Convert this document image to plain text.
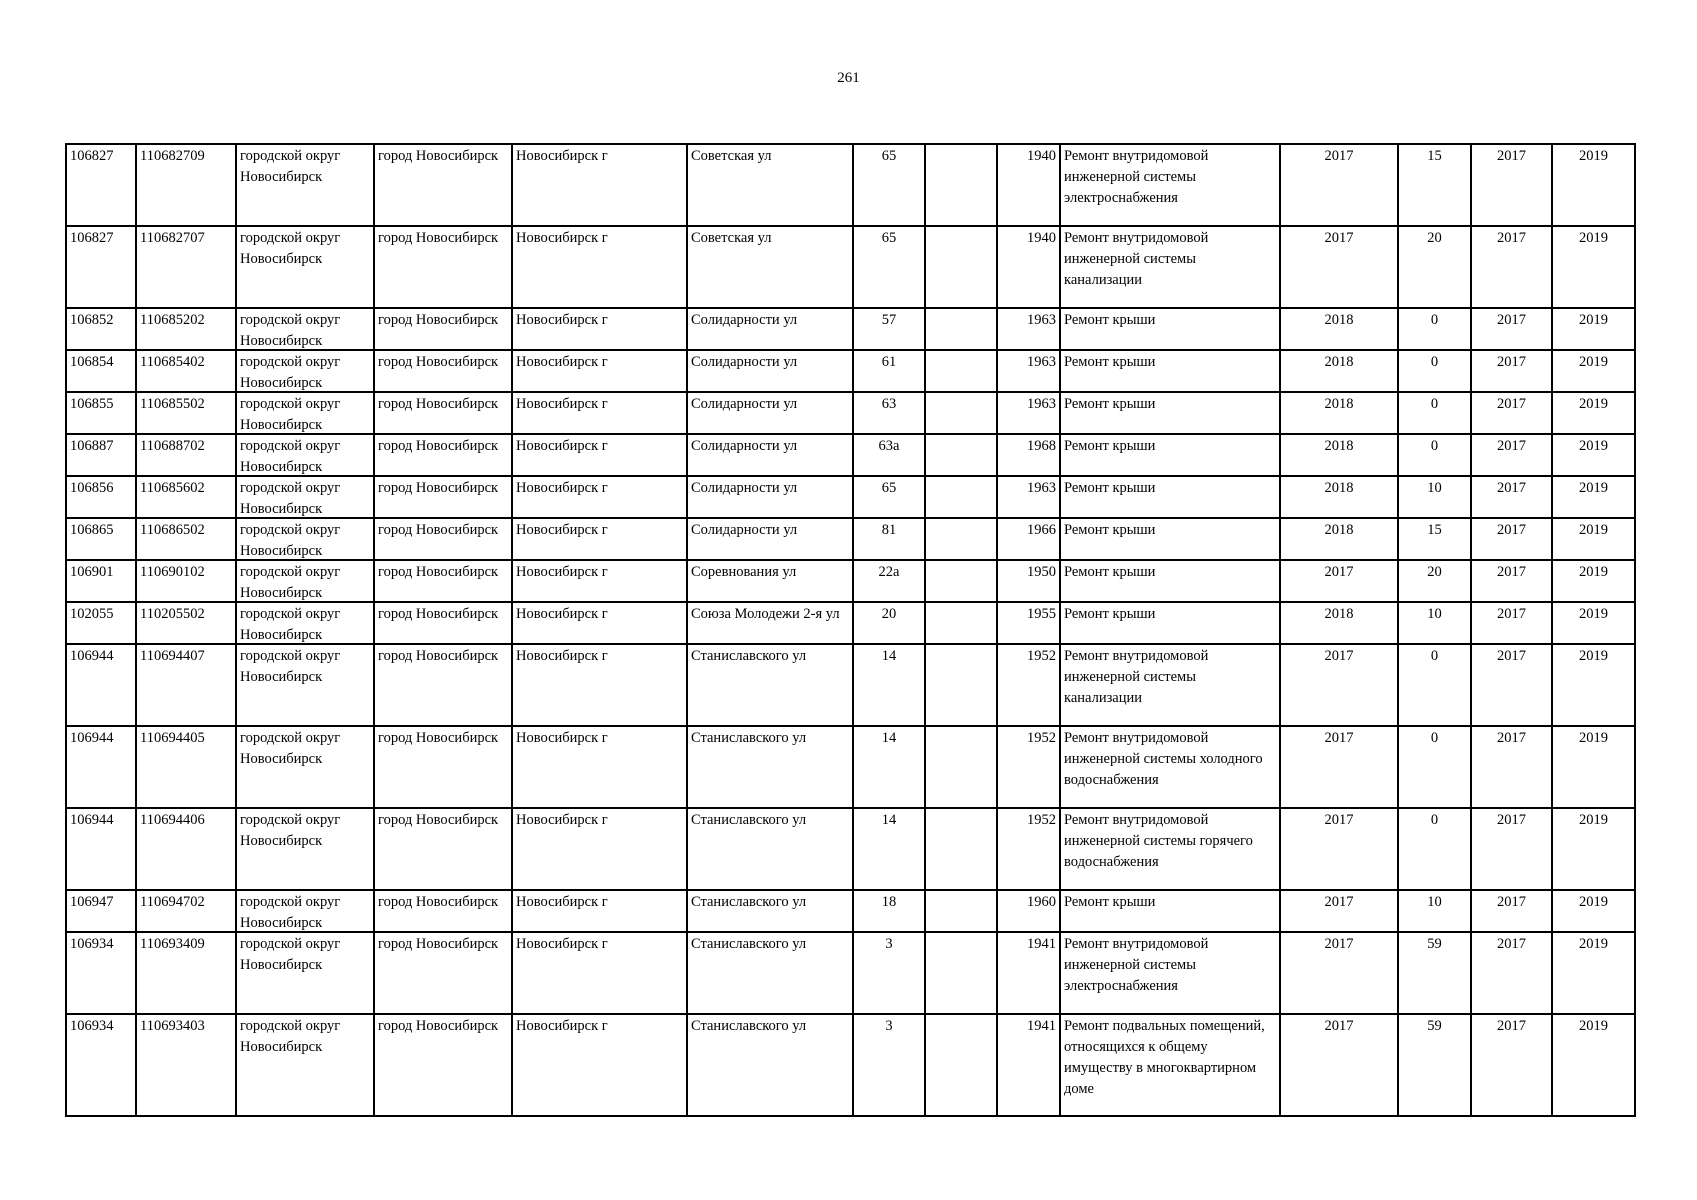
261
106827	110682709	городской округ Новосибирск	город Новосибирск	Новосибирск г	Советская ул	65		1940	Ремонт внутридомовой инженерной системы электроснабжения	2017	15	2017	2019
106827	110682707	городской округ Новосибирск	город Новосибирск	Новосибирск г	Советская ул	65		1940	Ремонт внутридомовой инженерной системы канализации	2017	20	2017	2019
106852	110685202	городской округ Новосибирск	город Новосибирск	Новосибирск г	Солидарности ул	57		1963	Ремонт крыши	2018	0	2017	2019
106854	110685402	городской округ Новосибирск	город Новосибирск	Новосибирск г	Солидарности ул	61		1963	Ремонт крыши	2018	0	2017	2019
106855	110685502	городской округ Новосибирск	город Новосибирск	Новосибирск г	Солидарности ул	63		1963	Ремонт крыши	2018	0	2017	2019
106887	110688702	городской округ Новосибирск	город Новосибирск	Новосибирск г	Солидарности ул	63а		1968	Ремонт крыши	2018	0	2017	2019
106856	110685602	городской округ Новосибирск	город Новосибирск	Новосибирск г	Солидарности ул	65		1963	Ремонт крыши	2018	10	2017	2019
106865	110686502	городской округ Новосибирск	город Новосибирск	Новосибирск г	Солидарности ул	81		1966	Ремонт крыши	2018	15	2017	2019
106901	110690102	городской округ Новосибирск	город Новосибирск	Новосибирск г	Соревнования ул	22а		1950	Ремонт крыши	2017	20	2017	2019
102055	110205502	городской округ Новосибирск	город Новосибирск	Новосибирск г	Союза Молодежи 2-я ул	20		1955	Ремонт крыши	2018	10	2017	2019
106944	110694407	городской округ Новосибирск	город Новосибирск	Новосибирск г	Станиславского ул	14		1952	Ремонт внутридомовой инженерной системы канализации	2017	0	2017	2019
106944	110694405	городской округ Новосибирск	город Новосибирск	Новосибирск г	Станиславского ул	14		1952	Ремонт внутридомовой инженерной системы холодного водоснабжения	2017	0	2017	2019
106944	110694406	городской округ Новосибирск	город Новосибирск	Новосибирск г	Станиславского ул	14		1952	Ремонт внутридомовой инженерной системы горячего водоснабжения	2017	0	2017	2019
106947	110694702	городской округ Новосибирск	город Новосибирск	Новосибирск г	Станиславского ул	18		1960	Ремонт крыши	2017	10	2017	2019
106934	110693409	городской округ Новосибирск	город Новосибирск	Новосибирск г	Станиславского ул	3		1941	Ремонт внутридомовой инженерной системы электроснабжения	2017	59	2017	2019
106934	110693403	городской округ Новосибирск	город Новосибирск	Новосибирск г	Станиславского ул	3		1941	Ремонт подвальных помещений, относящихся к общему имуществу в многоквартирном доме	2017	59	2017	2019
